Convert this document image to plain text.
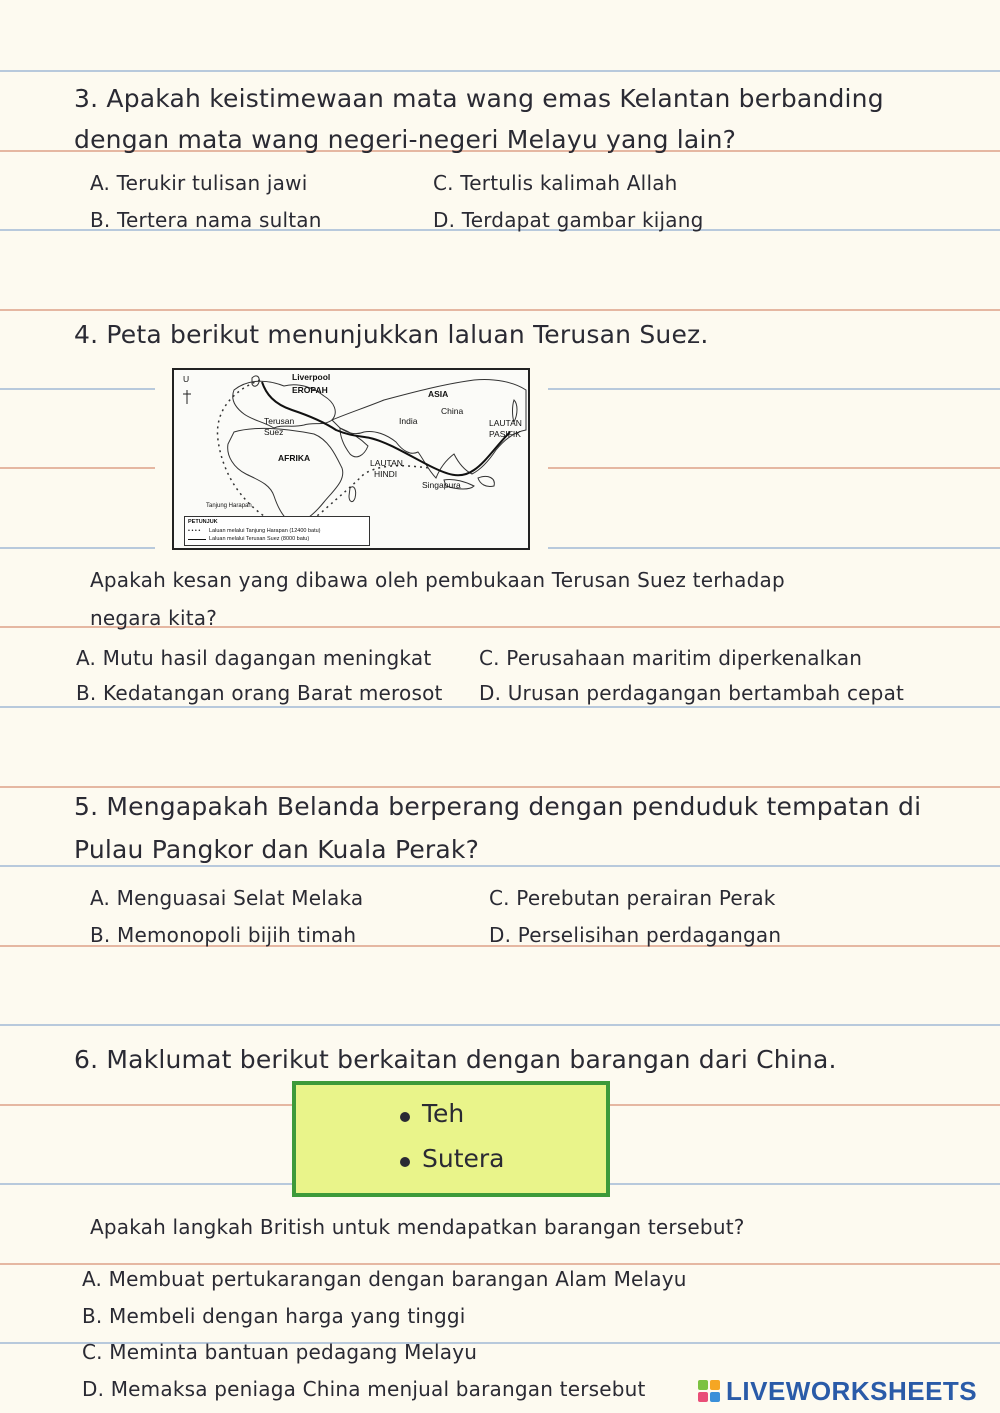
3. Apakah keistimewaan mata wang emas Kelantan berbanding
dengan mata wang negeri-negeri Melayu yang lain?
A. Terukir tulisan jawi	C. Tertulis kalimah Allah
B. Tertera nama sultan	D. Terdapat gambar kijang
4. Peta berikut menunjukkan laluan Terusan Suez.
U	Liverpool
EROPAH	ASIA
China
India
Terusan
Suez
LAUTAN
PASIFIK
AFRIKA	LAUTAN
HINDI
Singapura
Tanjung Harapan
PETUNJUK
• • • • Laluan melalui Tanjung Harapan (12400 batu)
Laluan melalui Terusan Suez (8000 batu)
Apakah kesan yang dibawa oleh pembukaan Terusan Suez terhadap
negara kita?
A. Mutu hasil dagangan meningkat C. Perusahaan maritim diperkenalkan
B. Kedatangan orang Barat merosot D. Urusan perdagangan bertambah cepat
5. Mengapakah Belanda berperang dengan penduduk tempatan di
Pulau Pangkor dan Kuala Perak?
A. Menguasai Selat Melaka	C. Perebutan perairan Perak
B. Memonopoli bijih timah	D. Perselisihan perdagangan
6. Maklumat berikut berkaitan dengan barangan dari China.
Teh
Sutera
Apakah langkah British untuk mendapatkan barangan tersebut?
A. Membuat pertukarangan dengan barangan Alam Melayu
B. Membeli dengan harga yang tinggi
C. Meminta bantuan pedagang Melayu
D. Memaksa peniaga China menjual barangan tersebut	LIVEWORKSHEETS
